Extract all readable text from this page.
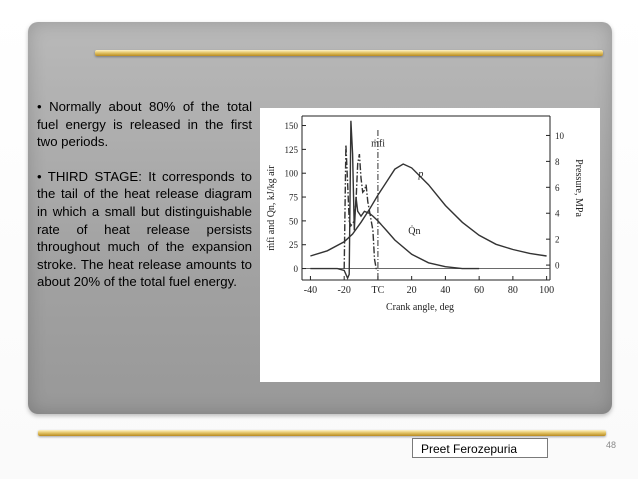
• Normally about 80% of the total fuel energy is released in the first two periods.

• THIRD STAGE: It corresponds to the tail of the heat release diagram in which a small but distinguishable rate of heat release persists throughout much of the expansion stroke. The heat release amounts to about 20% of the total fuel energy.

-40 -20 TC 20 40 60 80 100
0
25
50
75
100
125
150
0
2
4
6
8
10
Crank angle, deg
ṁfi and Qn, kJ/kg air	Pressure, MPa
ṁfi
p
Q̇n
Preet Ferozepuria	48
